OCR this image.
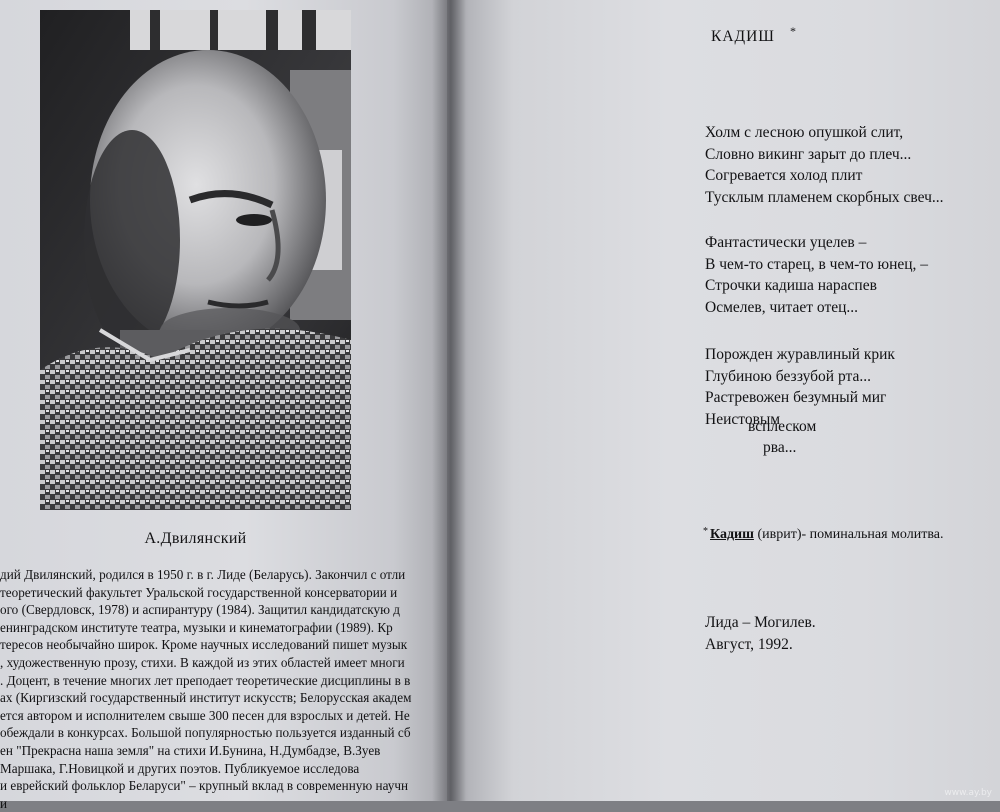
А.Двилянский
дий Двилянский, родился в 1950 г. в г. Лиде (Беларусь). Закончил с отли
теоретический факультет Уральской государственной консерватории и
ого (Свердловск, 1978) и аспирантуру (1984). Защитил кандидатскую д
енинградском институте театра, музыки и кинематографии (1989). Кр
тересов необычайно широк. Кроме научных исследований пишет музык
, художественную прозу, стихи. В каждой из этих областей имеет многи
. Доцент, в течение многих лет преподает теоретические дисциплины в в
ах (Киргизский государственный институт искусств; Белорусская академ
ется автором и исполнителем свыше 300 песен для взрослых и детей. Не
обеждали в конкурсах. Большой популярностью пользуется изданный сб
ен "Прекрасна наша земля" на стихи И.Бунина, Н.Думбадзе, В.Зуев
Маршака, Г.Новицкой и других поэтов. Публикуемое исследова
и еврейский фольклор Беларуси" – крупный вклад в современную научн
и
КАДИШ *
Холм с лесною опушкой слит,
Словно викинг зарыт до плеч...
Согревается холод плит
Тусклым пламенем скорбных свеч...
Фантастически уцелев –
В чем-то старец, в чем-то юнец, –
Строчки кадиша нараспев
Осмелев, читает отец...
Порожден журавлиный крик
Глубиною беззубой рта...
Растревожен безумный миг
Неистовым
всплеском
рва...
* Кадиш (иврит)- поминальная молитва.
Лида – Могилев.
Август, 1992.
www.ay.by
